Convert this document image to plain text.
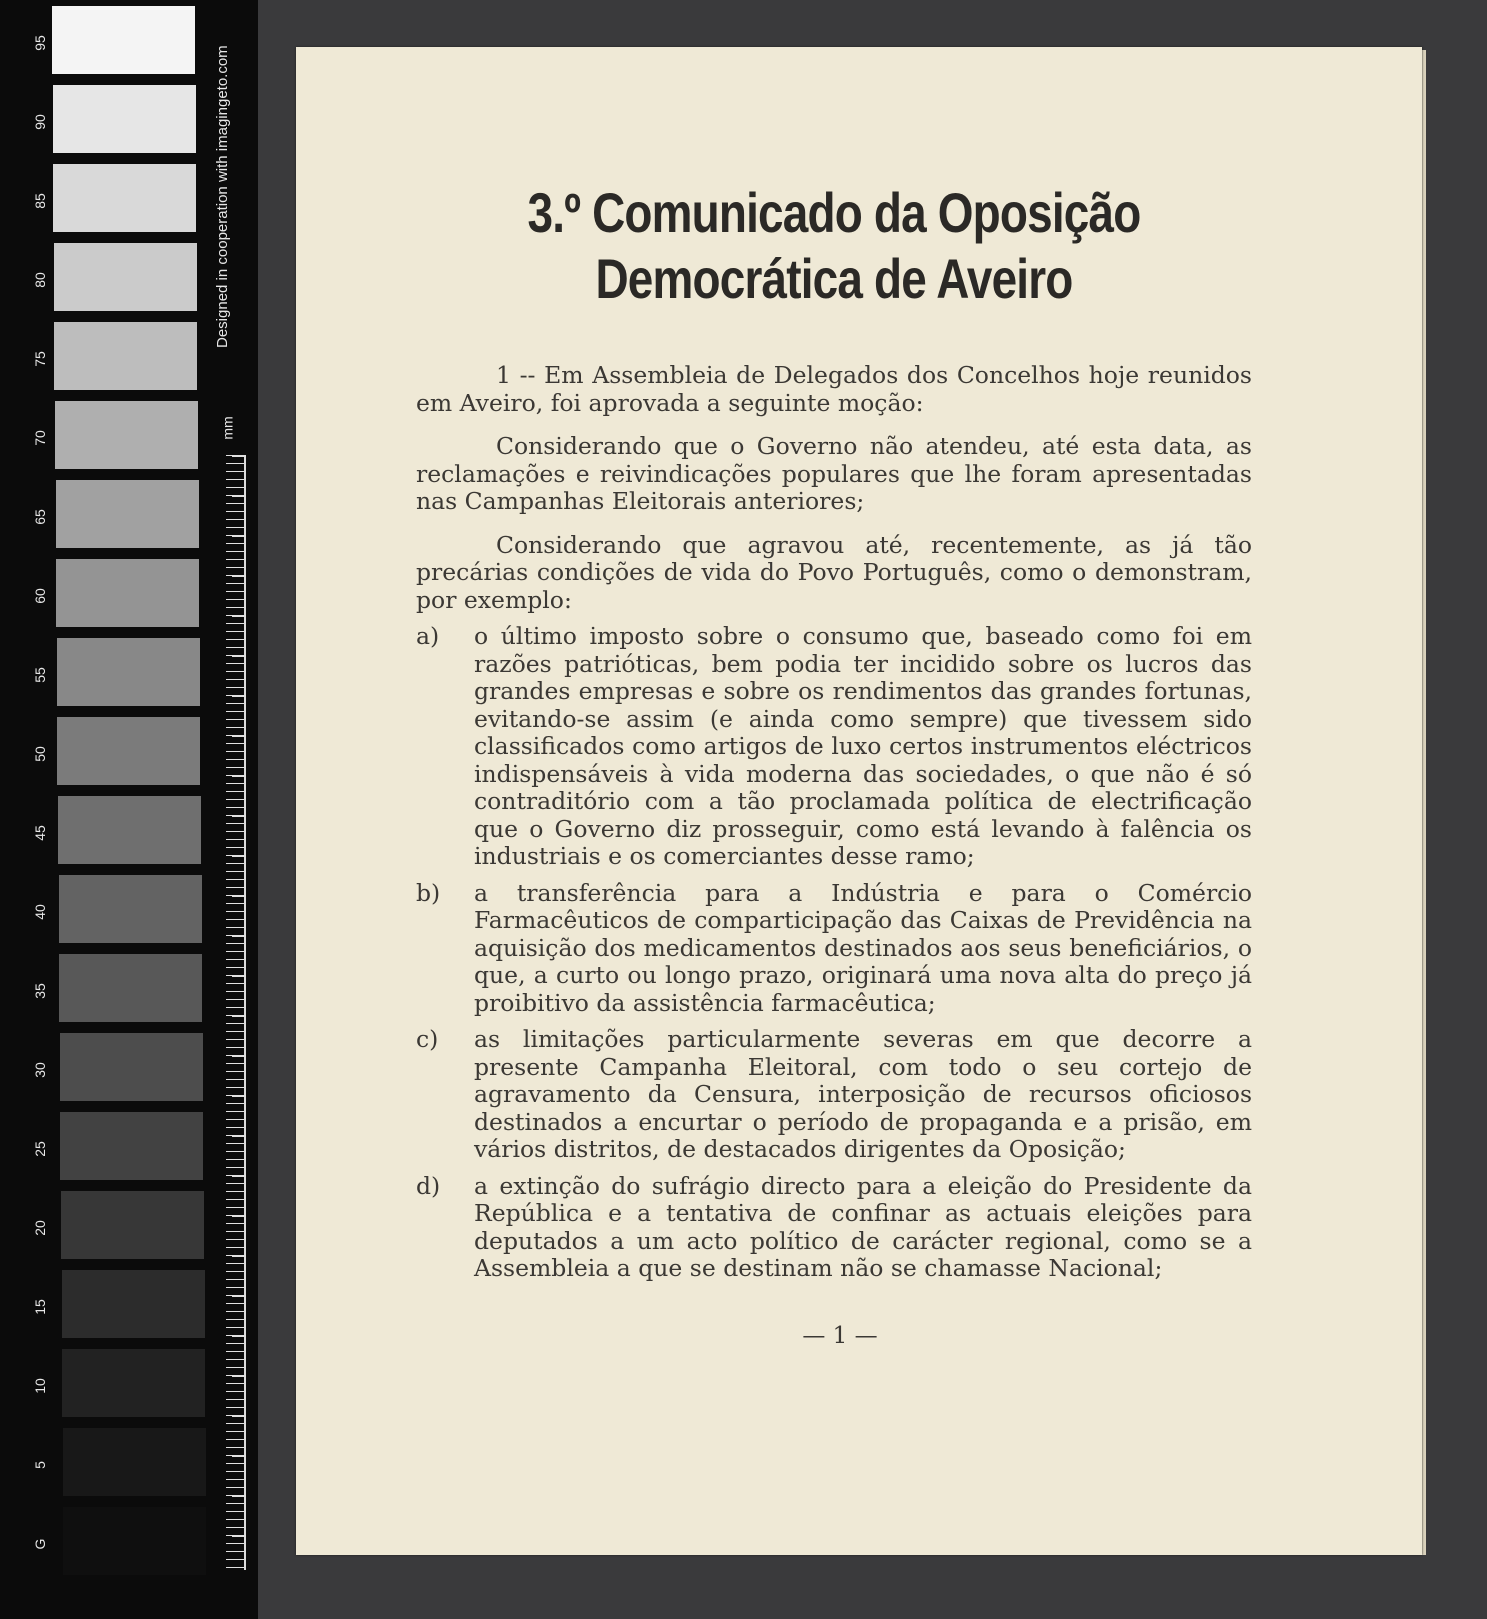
95
90
85
80
75
70
65
60
55
50
45
40
35
30
25
20
15
10
5
G
Designed in cooperation with imagingeto.com
mm

3.º Comunicado da Oposição

Democrática de Aveiro

1 -- Em Assembleia de Delegados dos Concelhos hoje reunidos em Aveiro, foi aprovada a seguinte moção:

Considerando que o Governo não atendeu, até esta data, as reclamações e reivindicações populares que lhe foram apresentadas nas Campanhas Eleitorais anteriores;

Considerando que agravou até, recentemente, as já tão precárias condições de vida do Povo Português, como o demonstram, por exemplo:

a) o último imposto sobre o consumo que, baseado como foi em razões patrióticas, bem podia ter incidido sobre os lucros das grandes empresas e sobre os rendimentos das grandes fortunas, evitando-se assim (e ainda como sempre) que tivessem sido classificados como artigos de luxo certos instrumentos eléctricos indispensáveis à vida moderna das sociedades, o que não é só contraditório com a tão proclamada política de electrificação que o Governo diz prosseguir, como está levando à falência os industriais e os comerciantes desse ramo;
b) a transferência para a Indústria e para o Comércio Farmacêuticos de comparticipação das Caixas de Previdência na aquisição dos medicamentos destinados aos seus beneficiários, o que, a curto ou longo prazo, originará uma nova alta do preço já proibitivo da assistência farmacêutica;
c) as limitações particularmente severas em que decorre a presente Campanha Eleitoral, com todo o seu cortejo de agravamento da Censura, interposição de recursos oficiosos destinados a encurtar o período de propaganda e a prisão, em vários distritos, de destacados dirigentes da Oposição;
d) a extinção do sufrágio directo para a eleição do Presidente da República e a tentativa de confinar as actuais eleições para deputados a um acto político de carácter regional, como se a Assembleia a que se destinam não se chamasse Nacional;
— 1 —
